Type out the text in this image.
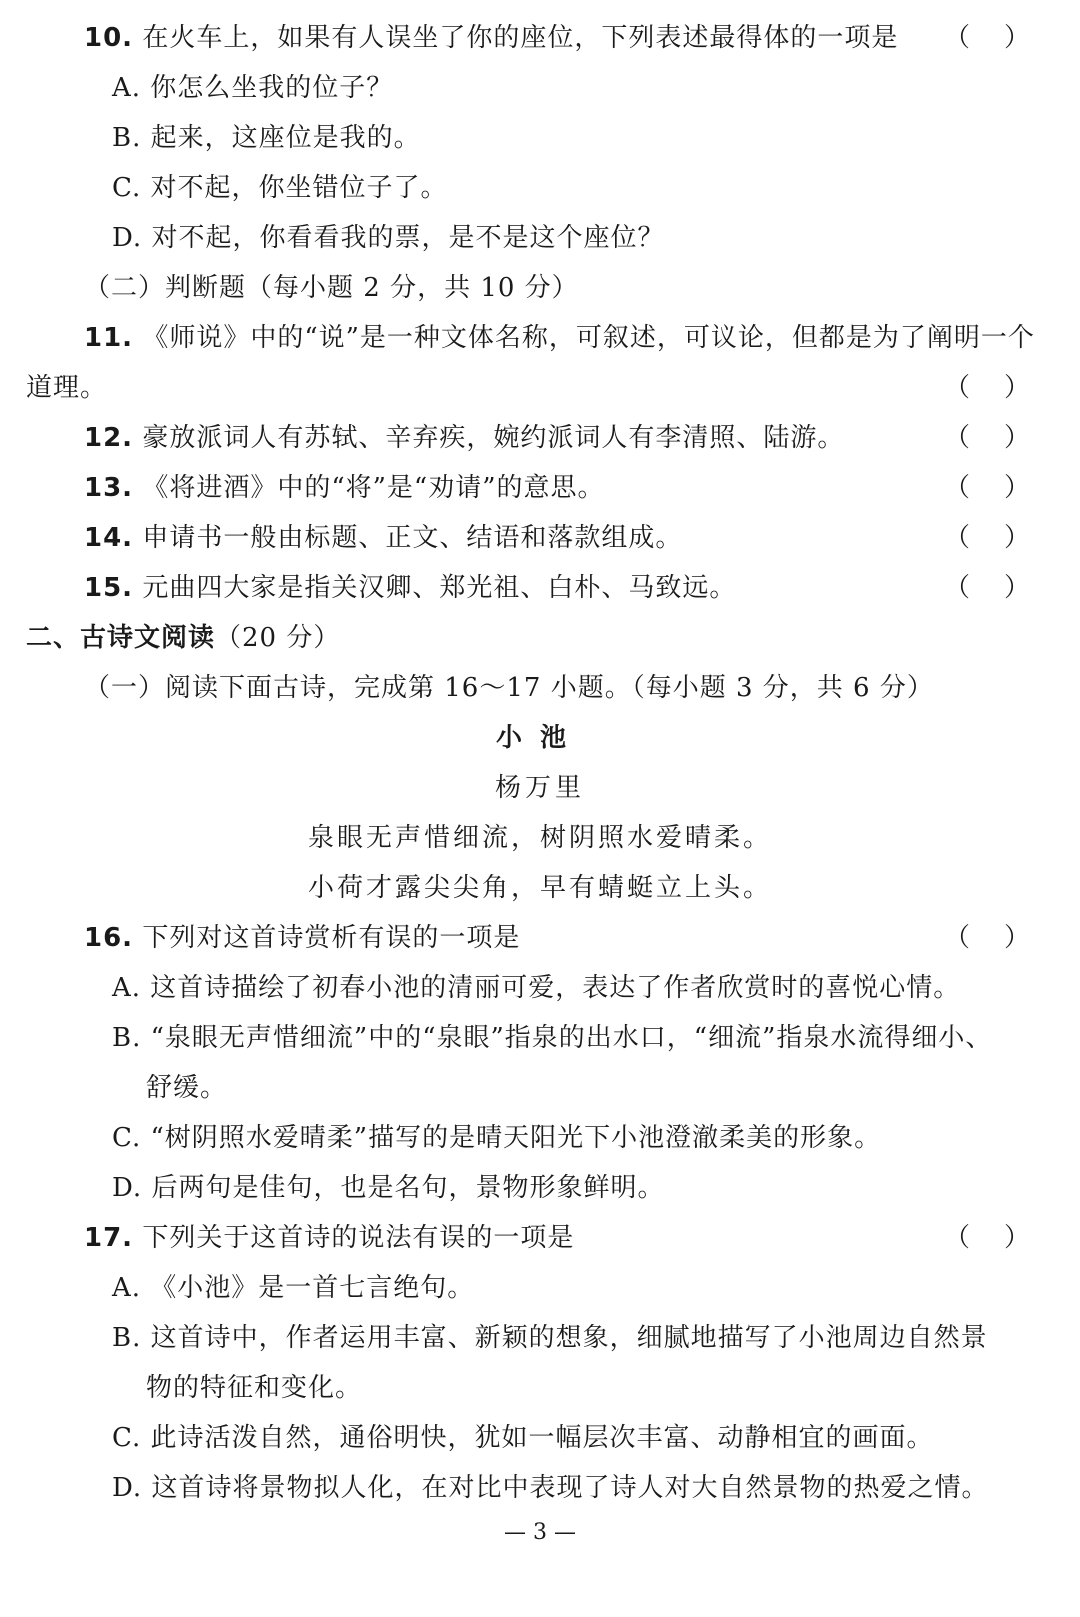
10. 在火车上，如果有人误坐了你的座位，下列表述最得体的一项是 （ ）
A. 你怎么坐我的位子？
B. 起来，这座位是我的。
C. 对不起，你坐错位子了。
D. 对不起，你看看我的票，是不是这个座位？
（二）判断题（每小题 2 分，共 10 分）
11. 《师说》中的“说”是一种文体名称，可叙述，可议论，但都是为了阐明一个
道理。	（ ）
12. 豪放派词人有苏轼、辛弃疾，婉约派词人有李清照、陆游。	（ ）
13. 《将进酒》中的“将”是“劝请”的意思。	（ ）
14. 申请书一般由标题、正文、结语和落款组成。	（ ）
15. 元曲四大家是指关汉卿、郑光祖、白朴、马致远。	（ ）
二、古诗文阅读（20 分）
（一）阅读下面古诗，完成第 16～17 小题。（每小题 3 分，共 6 分）
小池
杨万里
泉眼无声惜细流，树阴照水爱晴柔。
小荷才露尖尖角，早有蜻蜓立上头。
16. 下列对这首诗赏析有误的一项是	（ ）
A. 这首诗描绘了初春小池的清丽可爱，表达了作者欣赏时的喜悦心情。
B. “泉眼无声惜细流”中的“泉眼”指泉的出水口，“细流”指泉水流得细小、
舒缓。
C. “树阴照水爱晴柔”描写的是晴天阳光下小池澄澈柔美的形象。
D. 后两句是佳句，也是名句，景物形象鲜明。
17. 下列关于这首诗的说法有误的一项是	（ ）
A. 《小池》是一首七言绝句。
B. 这首诗中，作者运用丰富、新颖的想象，细腻地描写了小池周边自然景
物的特征和变化。
C. 此诗活泼自然，通俗明快，犹如一幅层次丰富、动静相宜的画面。
D. 这首诗将景物拟人化，在对比中表现了诗人对大自然景物的热爱之情。
— 3 —
